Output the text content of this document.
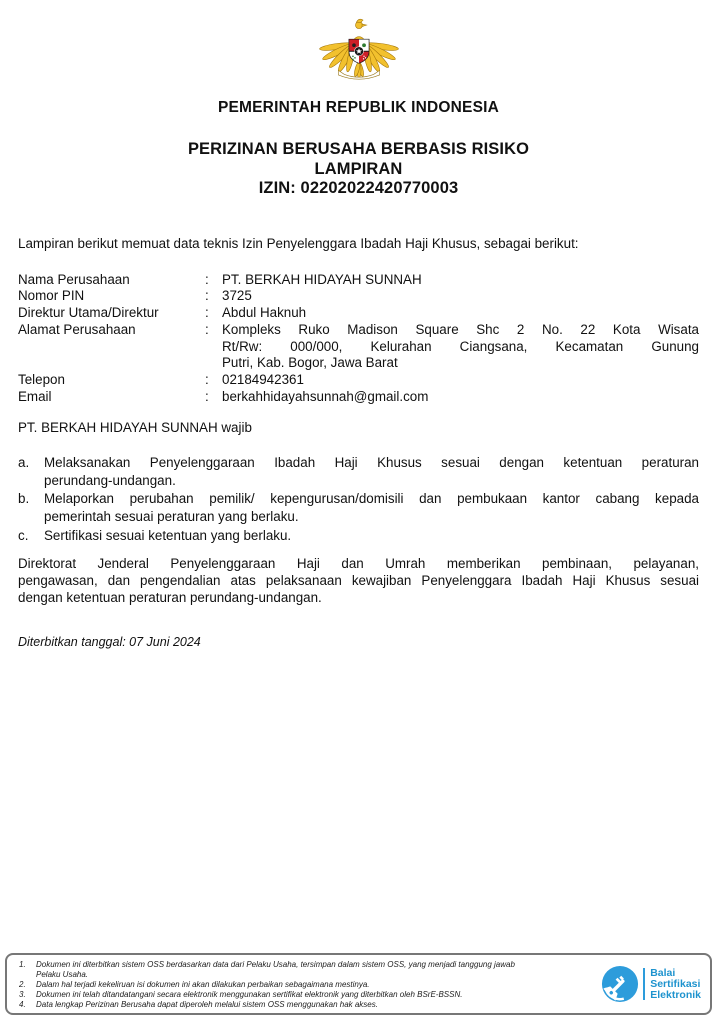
PEMERINTAH REPUBLIK INDONESIA
PERIZINAN BERUSAHA BERBASIS RISIKO
LAMPIRAN
IZIN: 02202022420770003

Lampiran berikut memuat data teknis Izin Penyelenggara Ibadah Haji Khusus, sebagai berikut:

Nama Perusahaan	: PT. BERKAH HIDAYAH SUNNAH
Nomor PIN	: 3725
Direktur Utama/Direktur	: Abdul Haknuh
Alamat Perusahaan	: Kompleks Ruko Madison Square Shc 2 No. 22 Kota Wisata
Rt/Rw: 000/000, Kelurahan Ciangsana, Kecamatan Gunung
Putri, Kab. Bogor, Jawa Barat
Telepon	: 02184942361
Email	: berkahhidayahsunnah@gmail.com
PT. BERKAH HIDAYAH SUNNAH wajib
a. Melaksanakan Penyelenggaraan Ibadah Haji Khusus sesuai dengan ketentuan peraturan
perundang-undangan.
b. Melaporkan perubahan pemilik/ kepengurusan/domisili dan pembukaan kantor cabang kepada
pemerintah sesuai peraturan yang berlaku.
c. Sertifikasi sesuai ketentuan yang berlaku.
Direktorat Jenderal Penyelenggaraan Haji dan Umrah memberikan pembinaan, pelayanan,
pengawasan, dan pengendalian atas pelaksanaan kewajiban Penyelenggara Ibadah Haji Khusus sesuai
dengan ketentuan peraturan perundang-undangan.
Diterbitkan tanggal: 07 Juni 2024
1. Dokumen ini diterbitkan sistem OSS berdasarkan data dari Pelaku Usaha, tersimpan dalam sistem OSS, yang menjadi tanggung jawab
Pelaku Usaha.
2. Dalam hal terjadi kekeliruan isi dokumen ini akan dilakukan perbaikan sebagaimana mestinya.
3. Dokumen ini telah ditandatangani secara elektronik menggunakan sertifikat elektronik yang diterbitkan oleh BSrE-BSSN.
4. Data lengkap Perizinan Berusaha dapat diperoleh melalui sistem OSS menggunakan hak akses.
Balai
Sertifikasi
Elektronik
